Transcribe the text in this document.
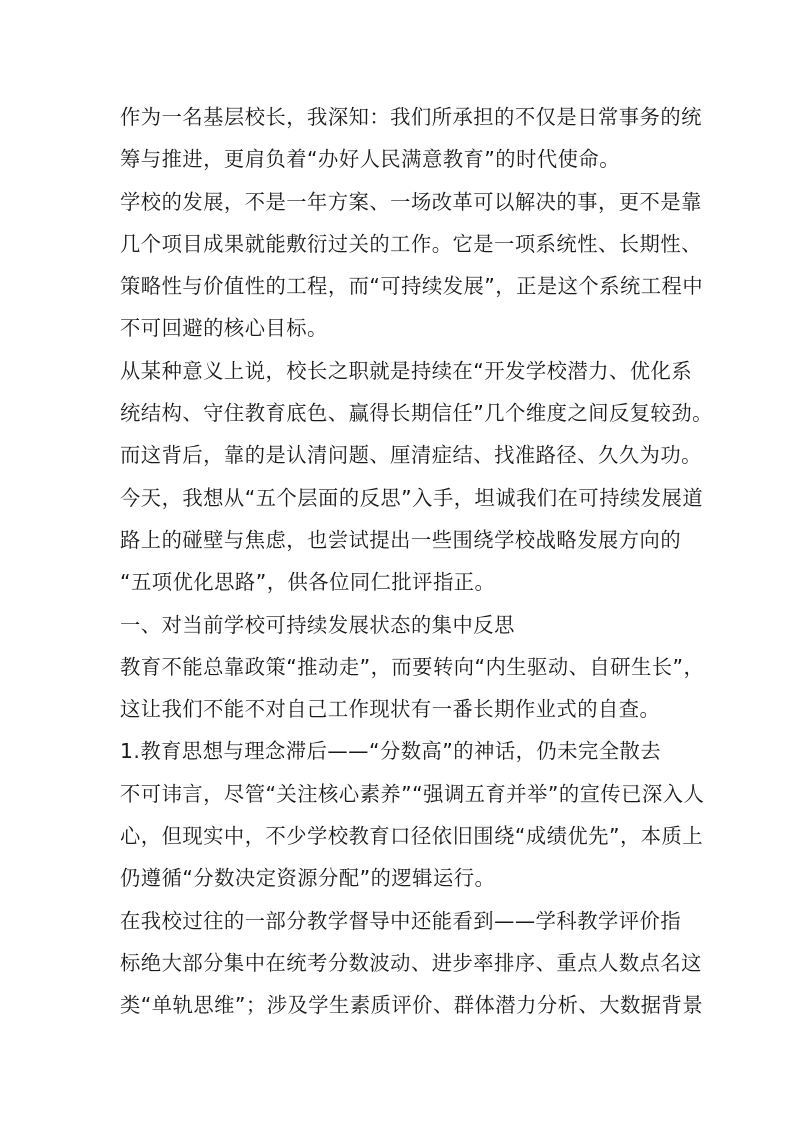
作为一名基层校长，我深知：我们所承担的不仅是日常事务的统
筹与推进，更肩负着“办好人民满意教育”的时代使命。
学校的发展，不是一年方案、一场改革可以解决的事，更不是靠
几个项目成果就能敷衍过关的工作。它是一项系统性、长期性、
策略性与价值性的工程，而“可持续发展”，正是这个系统工程中
不可回避的核心目标。
从某种意义上说，校长之职就是持续在“开发学校潜力、优化系
统结构、守住教育底色、赢得长期信任”几个维度之间反复较劲。
而这背后，靠的是认清问题、厘清症结、找准路径、久久为功。
今天，我想从“五个层面的反思”入手，坦诚我们在可持续发展道
路上的碰壁与焦虑，也尝试提出一些围绕学校战略发展方向的
“五项优化思路”，供各位同仁批评指正。
一、对当前学校可持续发展状态的集中反思
教育不能总靠政策“推动走”，而要转向“内生驱动、自研生长”，
这让我们不能不对自己工作现状有一番长期作业式的自查。
1.教育思想与理念滞后——“分数高”的神话，仍未完全散去
不可讳言，尽管“关注核心素养”“强调五育并举”的宣传已深入人
心，但现实中，不少学校教育口径依旧围绕“成绩优先”，本质上
仍遵循“分数决定资源分配”的逻辑运行。
在我校过往的一部分教学督导中还能看到——学科教学评价指
标绝大部分集中在统考分数波动、进步率排序、重点人数点名这
类“单轨思维”；涉及学生素质评价、群体潜力分析、大数据背景
